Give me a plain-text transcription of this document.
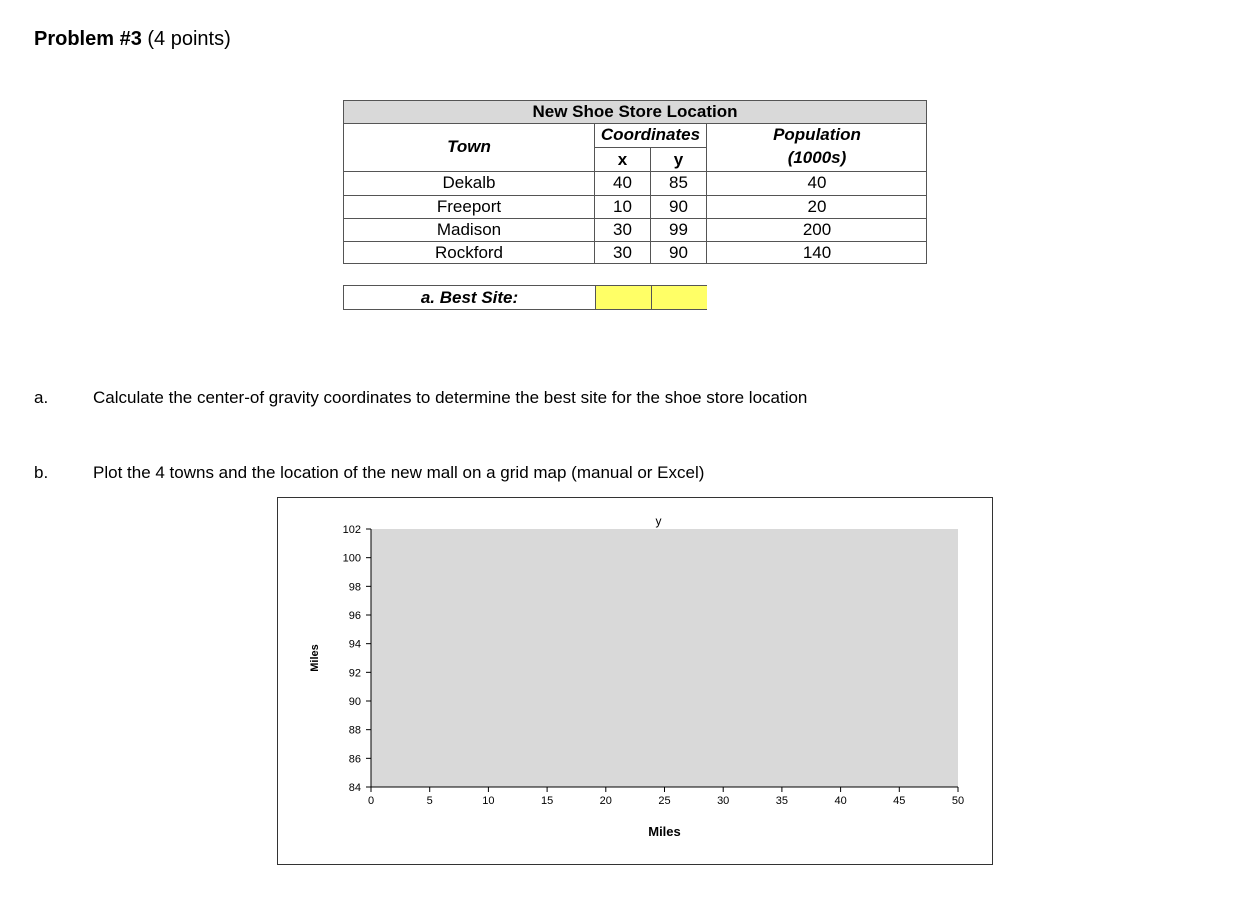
Problem #3 (4 points)
New Shoe Store Location
Town
Coordinates
x	y
Population
(1000s)
Dekalb	40	85	40
Freeport	10	90	20
Madison	30	99	200
Rockford	30	90	140
a. Best Site:
a.	Calculate the center-of gravity coordinates to determine the best site for the shoe store location
b.	Plot the 4 towns and the location of the new mall on a grid map (manual or Excel)
y
Miles
Miles
0	5	10	15	20	25	30	35	40	45	50
84
86
88
90
92
94
96
98
100
102
